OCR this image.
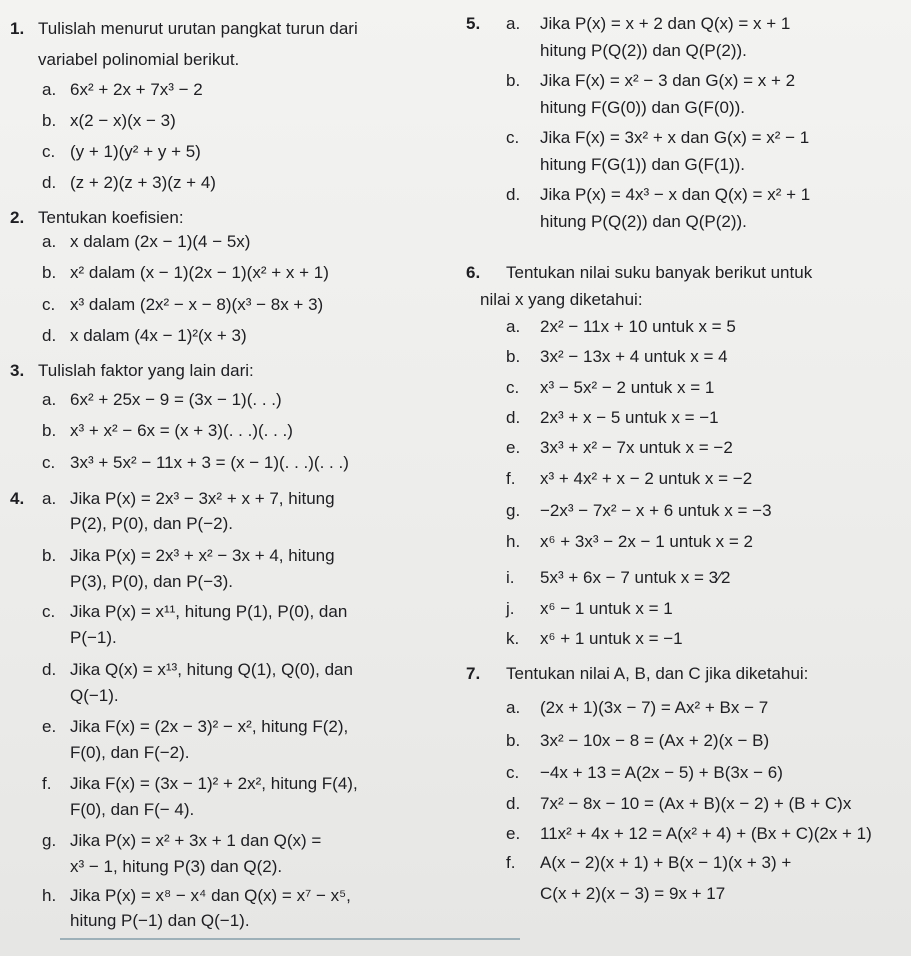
1. Tulislah menurut urutan pangkat turun dari
variabel polinomial berikut.
a. 6x² + 2x + 7x³ − 2
b. x(2 − x)(x − 3)
c. (y + 1)(y² + y + 5)
d. (z + 2)(z + 3)(z + 4)
2. Tentukan koefisien:
a. x dalam (2x − 1)(4 − 5x)
b. x² dalam (x − 1)(2x − 1)(x² + x + 1)
c. x³ dalam (2x² − x − 8)(x³ − 8x + 3)
d. x dalam (4x − 1)²(x + 3)
3. Tulislah faktor yang lain dari:
a. 6x² + 25x − 9 = (3x − 1)(. . .)
b. x³ + x² − 6x = (x + 3)(. . .)(. . .)
c. 3x³ + 5x² − 11x + 3 = (x − 1)(. . .)(. . .)
4. a. Jika P(x) = 2x³ − 3x² + x + 7, hitung
P(2), P(0), dan P(−2).
b. Jika P(x) = 2x³ + x² − 3x + 4, hitung
P(3), P(0), dan P(−3).
c. Jika P(x) = x¹¹, hitung P(1), P(0), dan
P(−1).
d. Jika Q(x) = x¹³, hitung Q(1), Q(0), dan
Q(−1).
e. Jika F(x) = (2x − 3)² − x², hitung F(2),
F(0), dan F(−2).
f. Jika F(x) = (3x − 1)² + 2x², hitung F(4),
F(0), dan F(− 4).
g. Jika P(x) = x² + 3x + 1 dan Q(x) =
x³ − 1, hitung P(3) dan Q(2).
h. Jika P(x) = x⁸ − x⁴ dan Q(x) = x⁷ − x⁵,
hitung P(−1) dan Q(−1).
5. a. Jika P(x) = x + 2 dan Q(x) = x + 1
hitung P(Q(2)) dan Q(P(2)).
b. Jika F(x) = x² − 3 dan G(x) = x + 2
hitung F(G(0)) dan G(F(0)).
c. Jika F(x) = 3x² + x dan G(x) = x² − 1
hitung F(G(1)) dan G(F(1)).
d. Jika P(x) = 4x³ − x dan Q(x) = x² + 1
hitung P(Q(2)) dan Q(P(2)).
6. Tentukan nilai suku banyak berikut untuk
nilai x yang diketahui:
a. 2x² − 11x + 10 untuk x = 5
b. 3x² − 13x + 4 untuk x = 4
c. x³ − 5x² − 2 untuk x = 1
d. 2x³ + x − 5 untuk x = −1
e. 3x³ + x² − 7x untuk x = −2
f. x³ + 4x² + x − 2 untuk x = −2
g. −2x³ − 7x² − x + 6 untuk x = −3
h. x⁶ + 3x³ − 2x − 1 untuk x = 2
i. 5x³ + 6x − 7 untuk x = 3⁄2
j. x⁶ − 1 untuk x = 1
k. x⁶ + 1 untuk x = −1
7. Tentukan nilai A, B, dan C jika diketahui:
a. (2x + 1)(3x − 7) = Ax² + Bx − 7
b. 3x² − 10x − 8 = (Ax + 2)(x − B)
c. −4x + 13 = A(2x − 5) + B(3x − 6)
d. 7x² − 8x − 10 = (Ax + B)(x − 2) + (B + C)x
e. 11x² + 4x + 12 = A(x² + 4) + (Bx + C)(2x + 1)
f. A(x − 2)(x + 1) + B(x − 1)(x + 3) +
C(x + 2)(x − 3) = 9x + 17
